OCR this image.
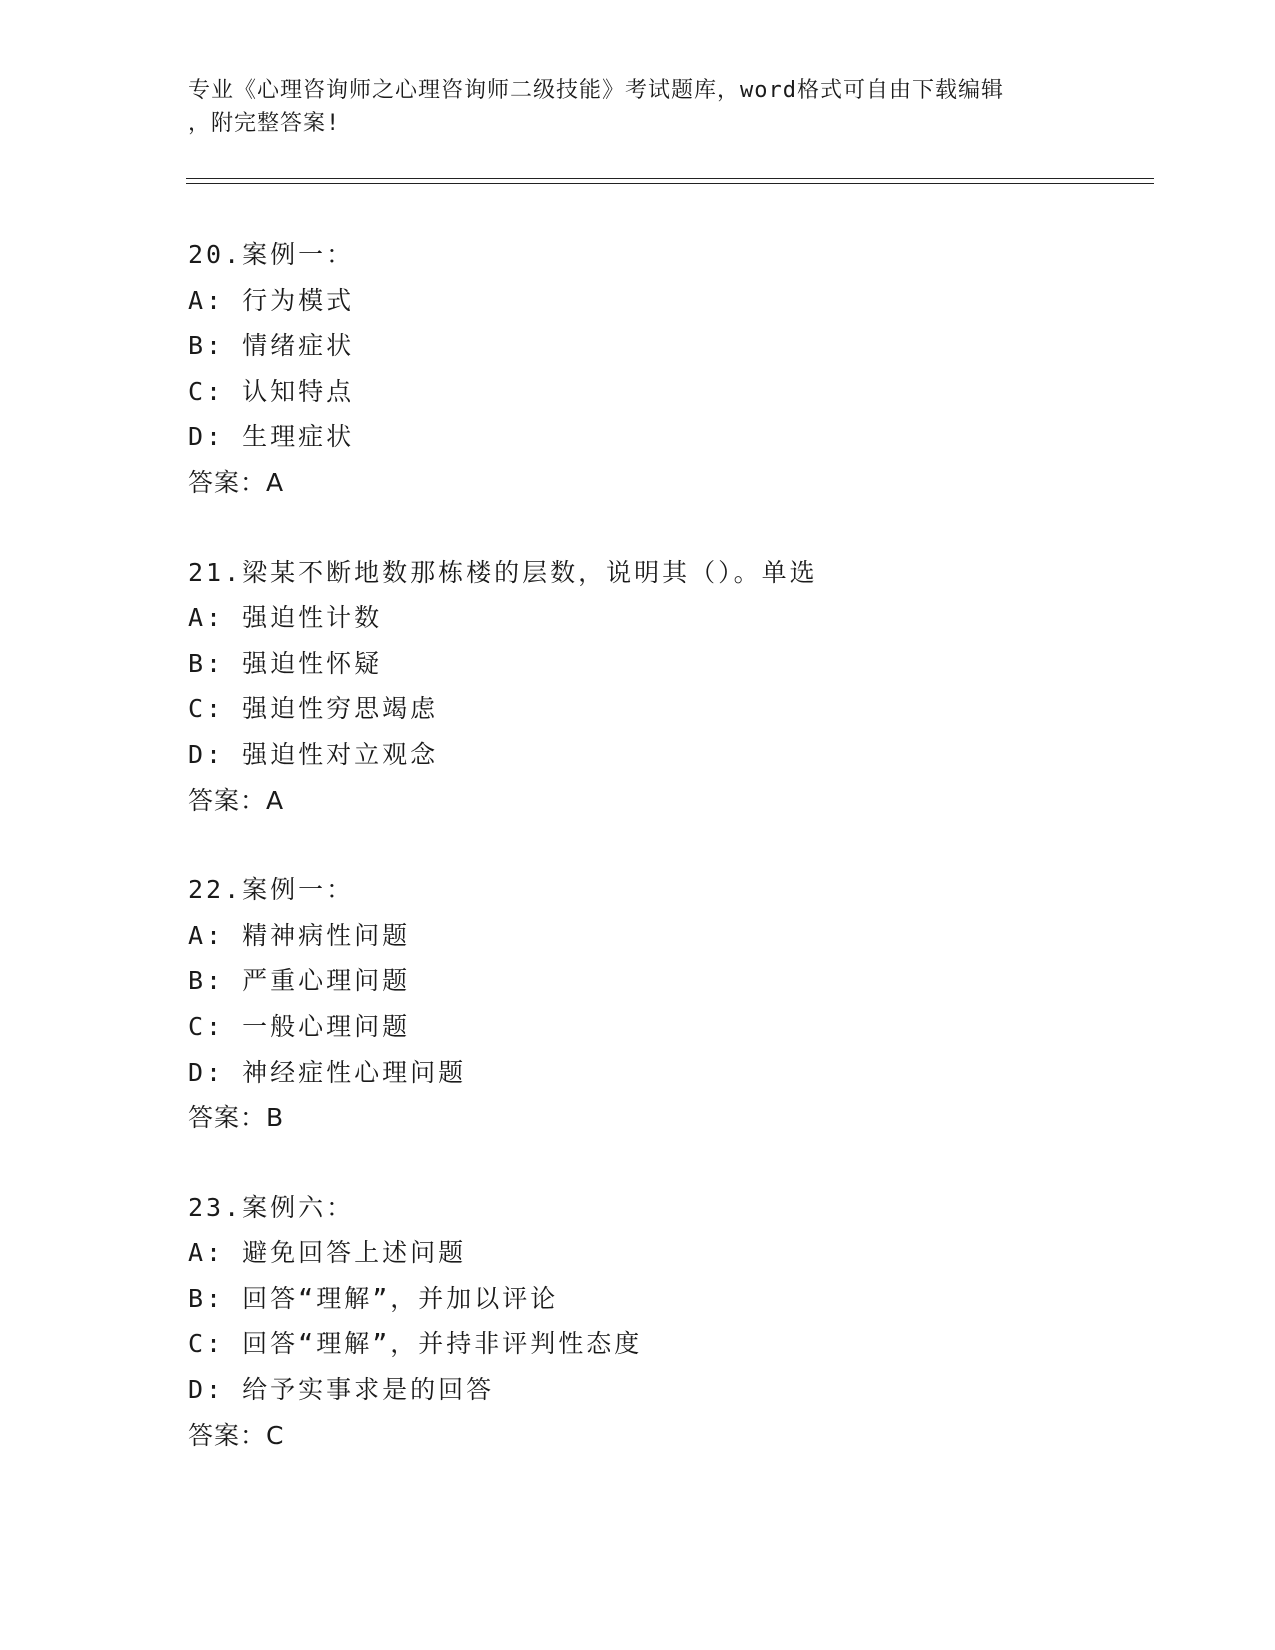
专业《心理咨询师之心理咨询师二级技能》考试题库，word格式可自由下载编辑
，附完整答案!
20.案例一：
A: 行为模式
B: 情绪症状
C: 认知特点
D: 生理症状
答案：A
21.梁某不断地数那栋楼的层数，说明其（）。单选
A: 强迫性计数
B: 强迫性怀疑
C: 强迫性穷思竭虑
D: 强迫性对立观念
答案：A
22.案例一：
A: 精神病性问题
B: 严重心理问题
C: 一般心理问题
D: 神经症性心理问题
答案：B
23.案例六：
A: 避免回答上述问题
B: 回答“理解”，并加以评论
C: 回答“理解”，并持非评判性态度
D: 给予实事求是的回答
答案：C
